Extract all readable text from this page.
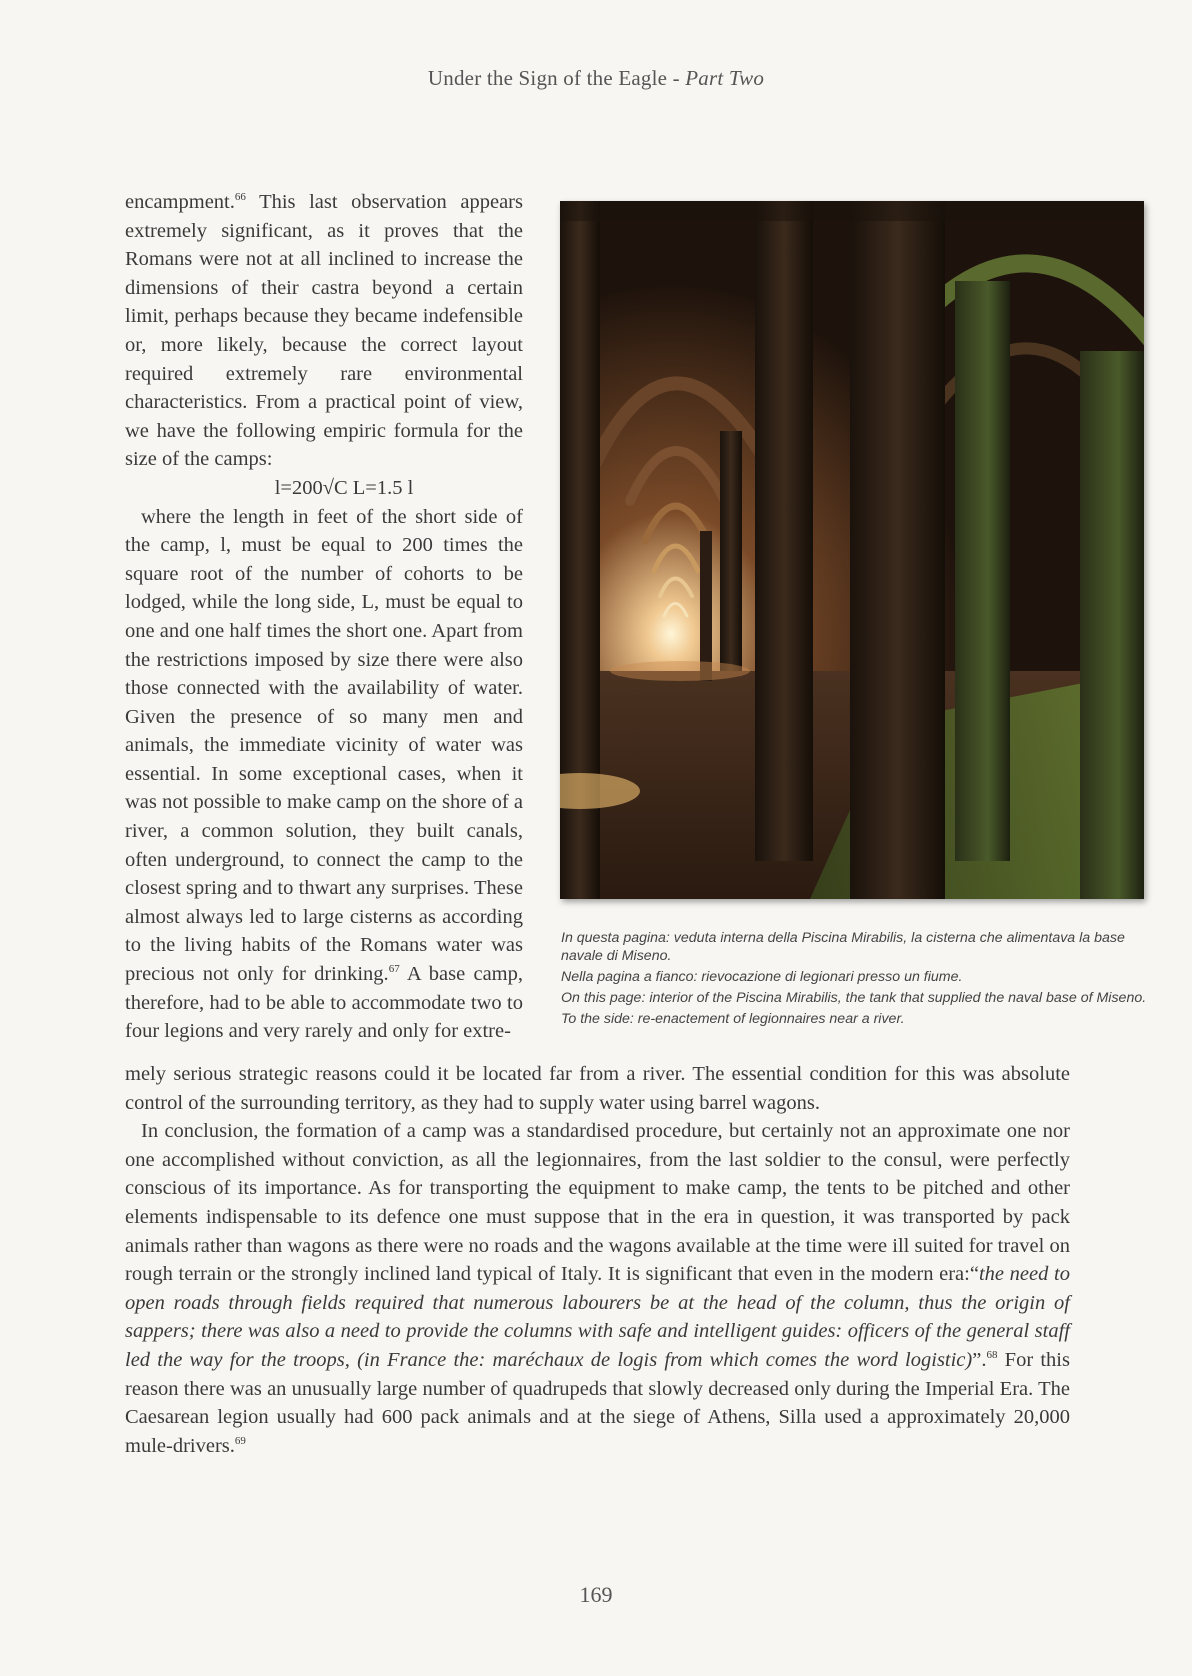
Under the Sign of the Eagle - Part Two

encampment.$^{66}$ This last observation appears extremely significant, as it proves that the Romans were not at all inclined to increase the dimensions of their castra beyond a certain limit, perhaps because they became indefensible or, more likely, because the correct layout required extremely rare environmental characteristics. From a practical point of view, we have the following empiric formula for the size of the camps:

l=200√C L=1.5 l

where the length in feet of the short side of the camp, l, must be equal to 200 times the square root of the number of cohorts to be lodged, while the long side, L, must be equal to one and one half times the short one. Apart from the restrictions imposed by size there were also those connected with the availability of water. Given the presence of so many men and animals, the immediate vicinity of water was essential. In some exceptional cases, when it was not possible to make camp on the shore of a river, a common solution, they built canals, often underground, to connect the camp to the closest spring and to thwart any surprises. These almost always led to large cisterns as according to the living habits of the Romans water was precious not only for drinking.$^{67}$ A base camp, therefore, had to be able to accommodate two to four legions and very rarely and only for extre-

In questa pagina: veduta interna della Piscina Mirabilis, la cisterna che alimentava la base navale di Miseno.

Nella pagina a fianco: rievocazione di legionari presso un fiume.

On this page: interior of the Piscina Mirabilis, the tank that supplied the naval base of Miseno.

To the side: re-enactement of legionnaires near a river.

mely serious strategic reasons could it be located far from a river. The essential condition for this was absolute control of the surrounding territory, as they had to supply water using barrel wagons.

In conclusion, the formation of a camp was a standardised procedure, but certainly not an approximate one nor one accomplished without conviction, as all the legionnaires, from the last soldier to the consul, were perfectly conscious of its importance. As for transporting the equipment to make camp, the tents to be pitched and other elements indispensable to its defence one must suppose that in the era in question, it was transported by pack animals rather than wagons as there were no roads and the wagons available at the time were ill suited for travel on rough terrain or the strongly inclined land typical of Italy. It is significant that even in the modern era:“the need to open roads through fields required that numerous labourers be at the head of the column, thus the origin of sappers; there was also a need to provide the columns with safe and intelligent guides: officers of the general staff led the way for the troops, (in France the: maréchaux de logis from which comes the word logistic)”.$^{68}$ For this reason there was an unusually large number of quadrupeds that slowly decreased only during the Imperial Era. The Caesarean legion usually had 600 pack animals and at the siege of Athens, Silla used a approximately 20,000 mule-drivers.$^{69}$

169
